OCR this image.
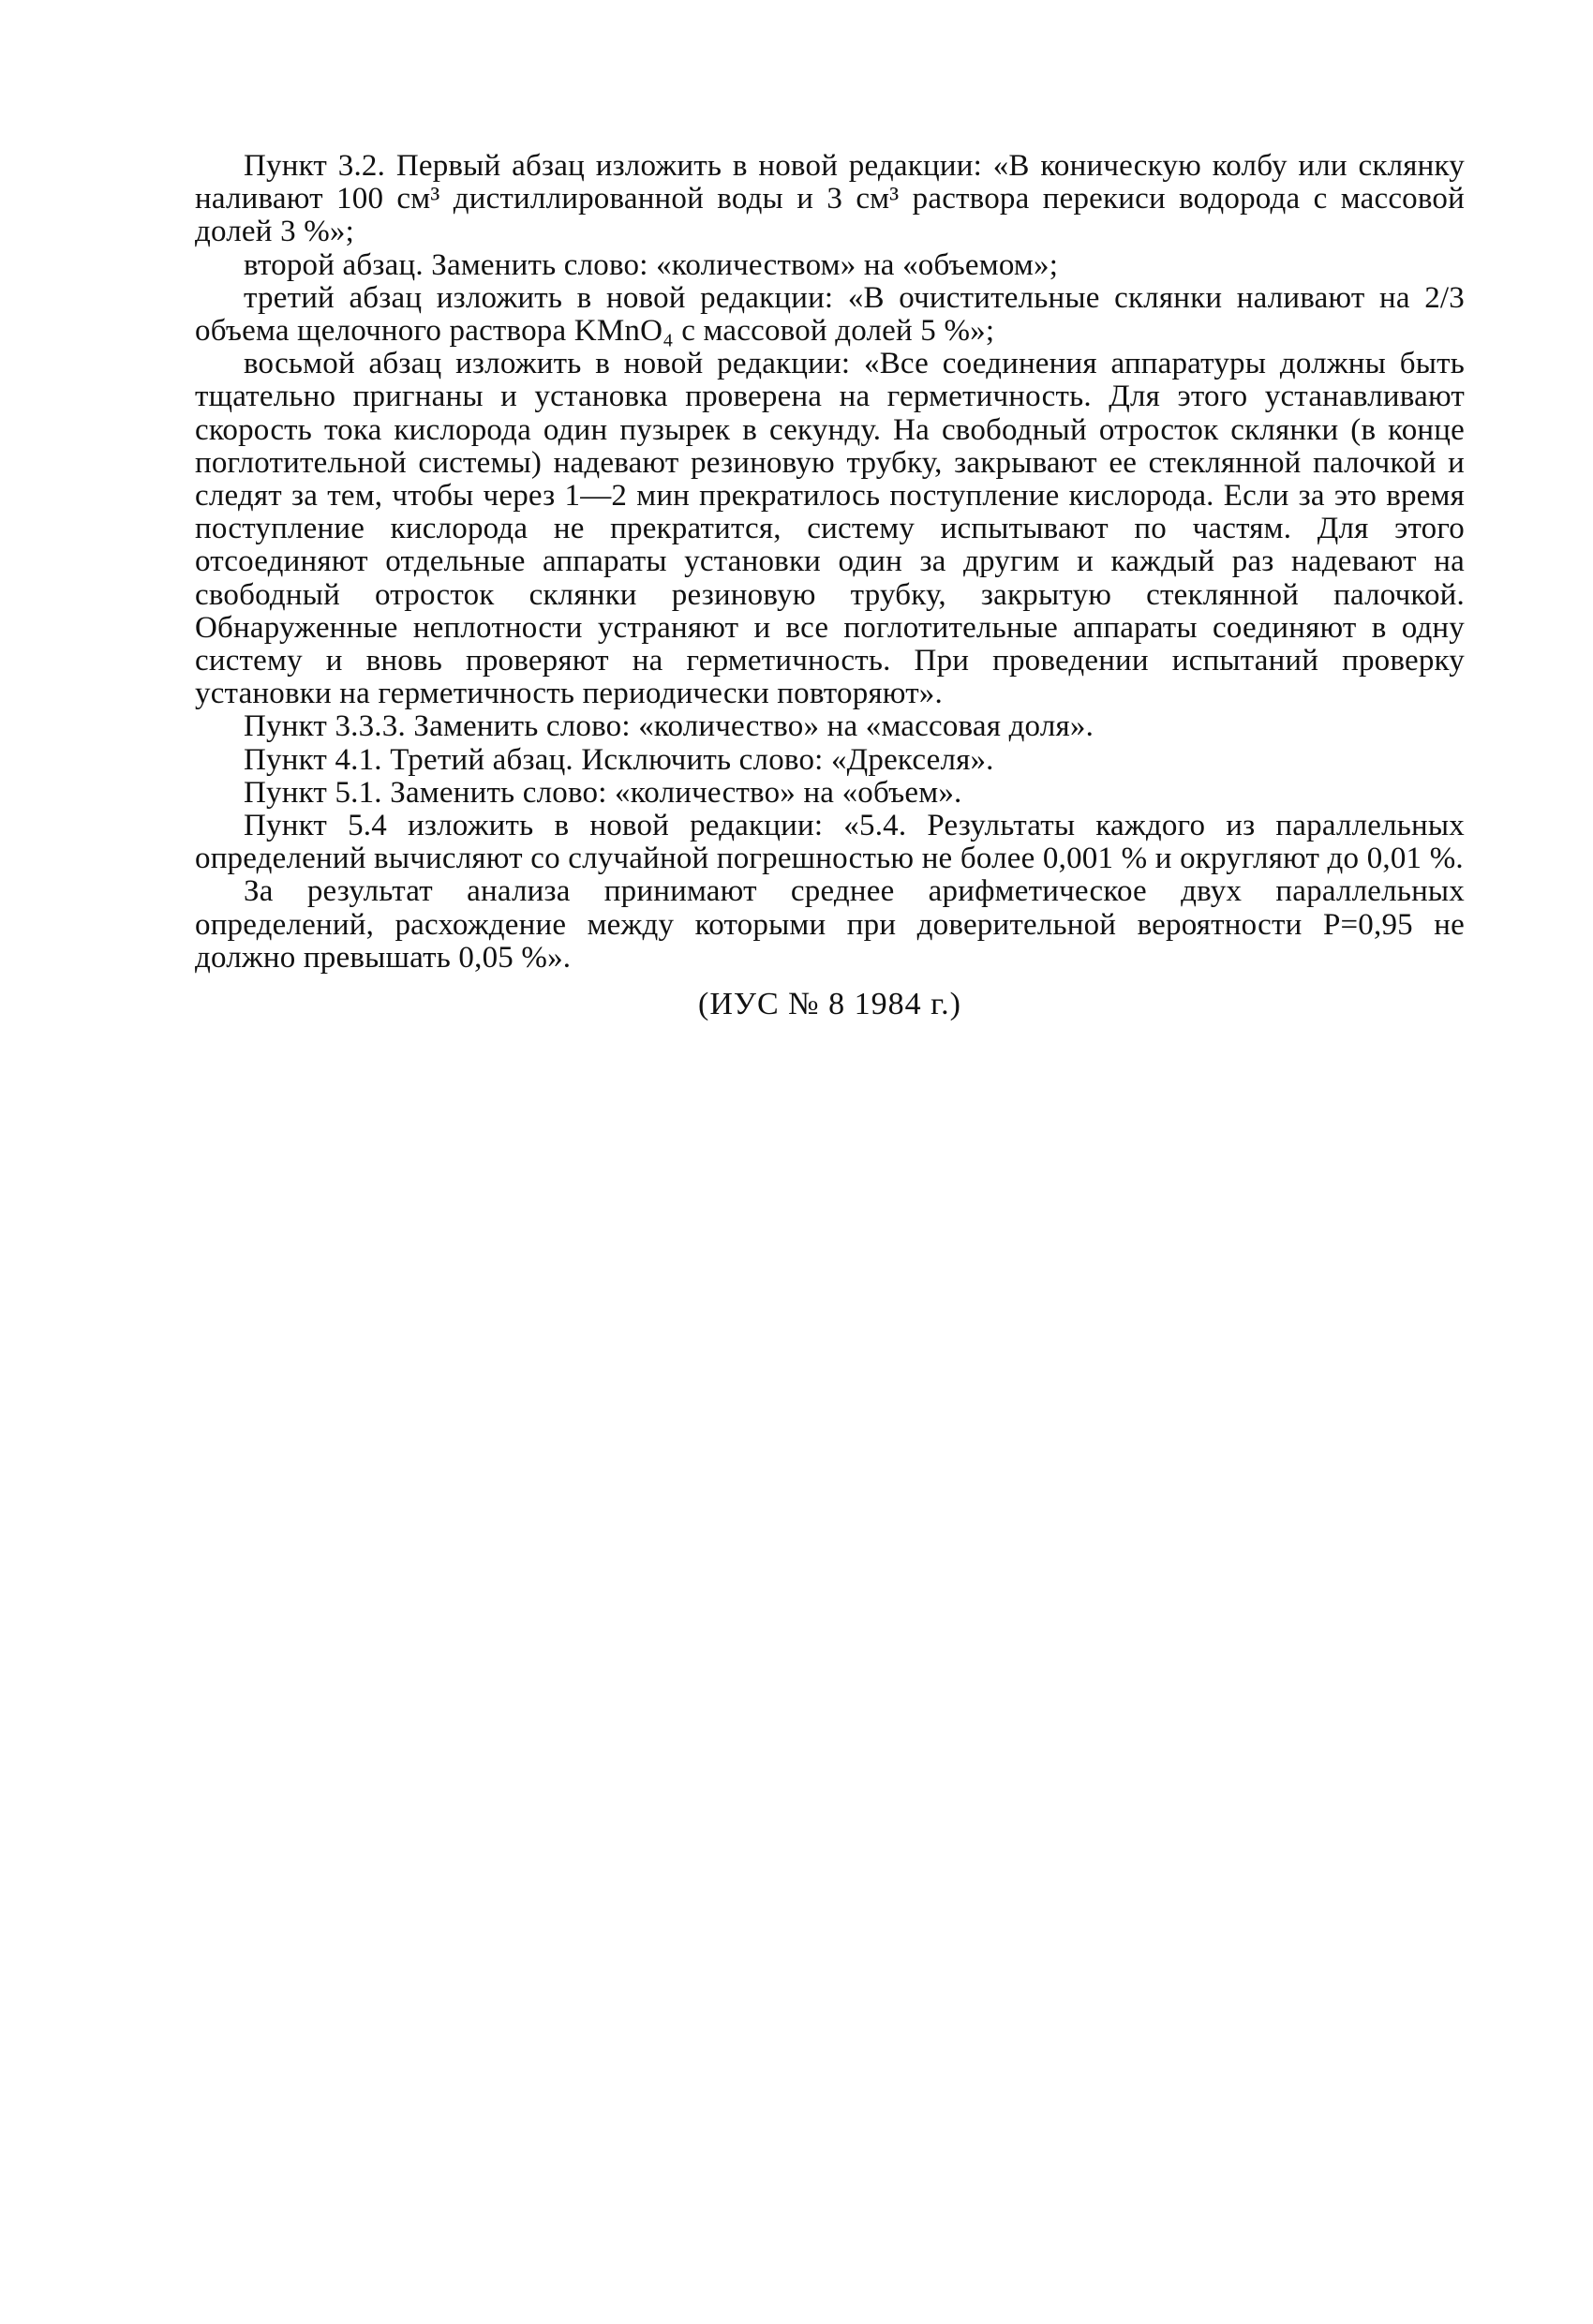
Пункт 3.2. Первый абзац изложить в новой редакции: «В коническую колбу или склянку наливают 100 см³ дистиллированной воды и 3 см³ раствора перекиси водорода с массовой долей 3 %»;

второй абзац. Заменить слово: «количеством» на «объемом»;

третий абзац изложить в новой редакции: «В очистительные склянки наливают на 2/3 объема щелочного раствора KMnO₄ с массовой долей 5 %»;

восьмой абзац изложить в новой редакции: «Все соединения аппаратуры должны быть тщательно пригнаны и установка проверена на герметичность. Для этого устанавливают скорость тока кислорода один пузырек в секунду. На свободный отросток склянки (в конце поглотительной системы) надевают резиновую трубку, закрывают ее стеклянной палочкой и следят за тем, чтобы через 1—2 мин прекратилось поступление кислорода. Если за это время поступление кислорода не прекратится, систему испытывают по частям. Для этого отсоединяют отдельные аппараты установки один за другим и каждый раз надевают на свободный отросток склянки резиновую трубку, закрытую стеклянной палочкой. Обнаруженные неплотности устраняют и все поглотительные аппараты соединяют в одну систему и вновь проверяют на герметичность. При проведении испытаний проверку установки на герметичность периодически повторяют».

Пункт 3.3.3. Заменить слово: «количество» на «массовая доля».

Пункт 4.1. Третий абзац. Исключить слово: «Дрекселя».

Пункт 5.1. Заменить слово: «количество» на «объем».

Пункт 5.4 изложить в новой редакции: «5.4. Результаты каждого из параллельных определений вычисляют со случайной погрешностью не более 0,001 % и округляют до 0,01 %.

За результат анализа принимают среднее арифметическое двух параллельных определений, расхождение между которыми при доверительной вероятности P=0,95 не должно превышать 0,05 %».

(ИУС № 8 1984 г.)
